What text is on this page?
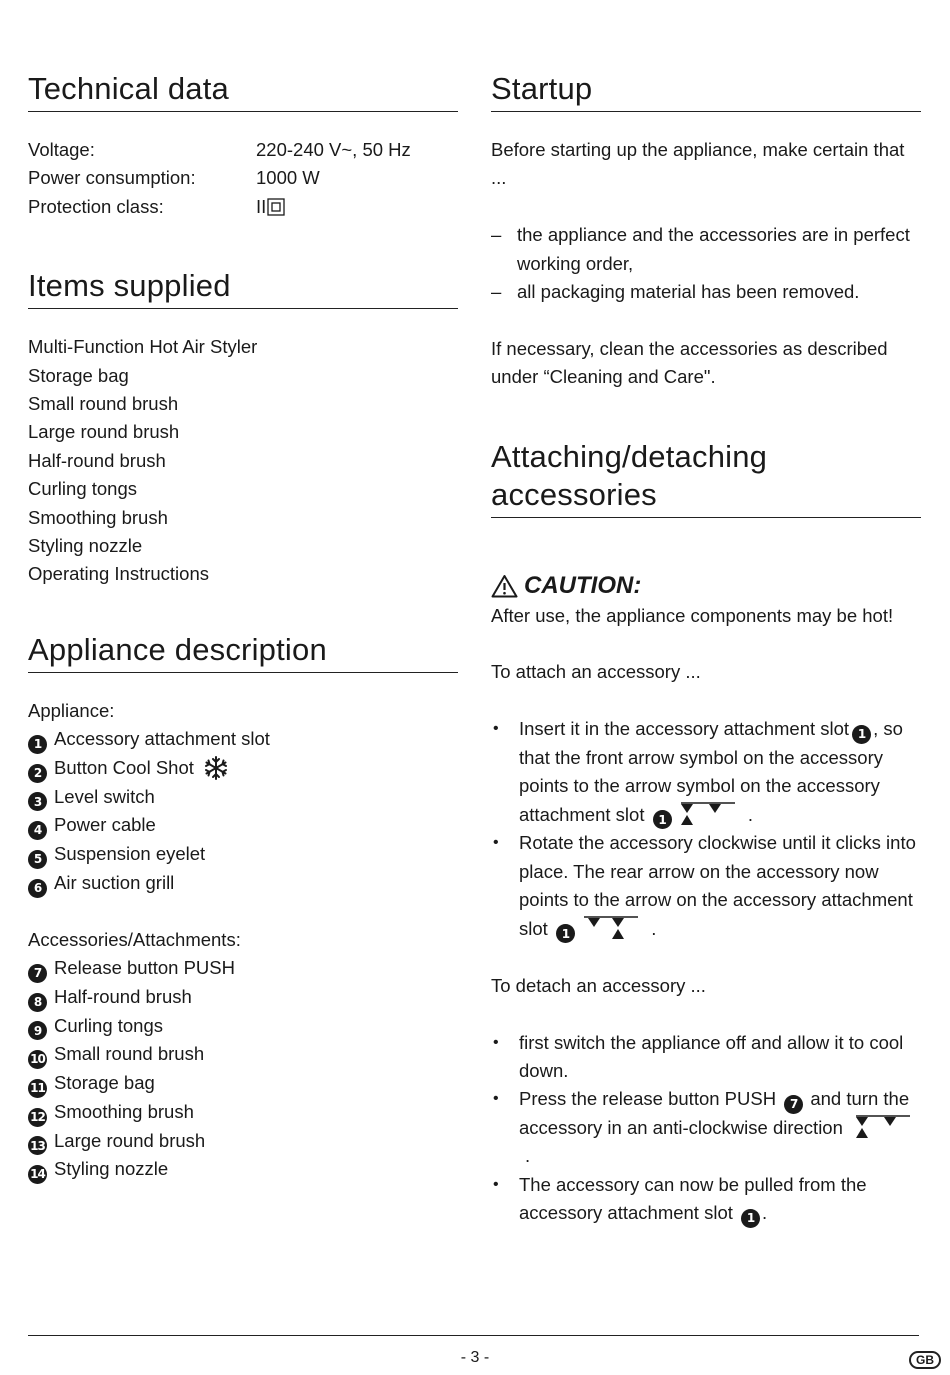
Technical data
Voltage:	220-240 V~, 50 Hz
Power consumption:	1000 W
Protection class:	II
Items supplied

Multi-Function Hot Air Styler

Storage bag

Small round brush

Large round brush

Half-round brush

Curling tongs

Smoothing brush

Styling nozzle

Operating Instructions

Appliance description

Appliance:

1 Accessory attachment slot

2 Button Cool Shot

3 Level switch

4 Power cable

5 Suspension eyelet

6 Air suction grill

Accessories/Attachments:

7 Release button PUSH

8 Half-round brush

9 Curling tongs

10 Small round brush

11 Storage bag

12 Smoothing brush

13 Large round brush

14 Styling nozzle

Startup

Before starting up the appliance, make certain that

...

– the appliance and the accessories are in perfect
working order,
– all packaging material has been removed.

If necessary, clean the accessories as described

under “Cleaning and Care".

Attaching/detaching accessories
CAUTION:

After use, the appliance components may be hot!

To attach an accessory ...

•	Insert it in the accessory attachment slot 1 , so
that the front arrow symbol on the accessory
points to the arrow symbol on the accessory
attachment slot 1	.
•	Rotate the accessory clockwise until it clicks into
place. The rear arrow on the accessory now
points to the arrow on the accessory attachment
slot 1	.

To detach an accessory ...

•	first switch the appliance off and allow it to cool
down.
•	Press the release button PUSH 7 and turn the
accessory in an anti-clockwise direction  .
•	The accessory can now be pulled from the
accessory attachment slot 1 .
- 3 -	GB
